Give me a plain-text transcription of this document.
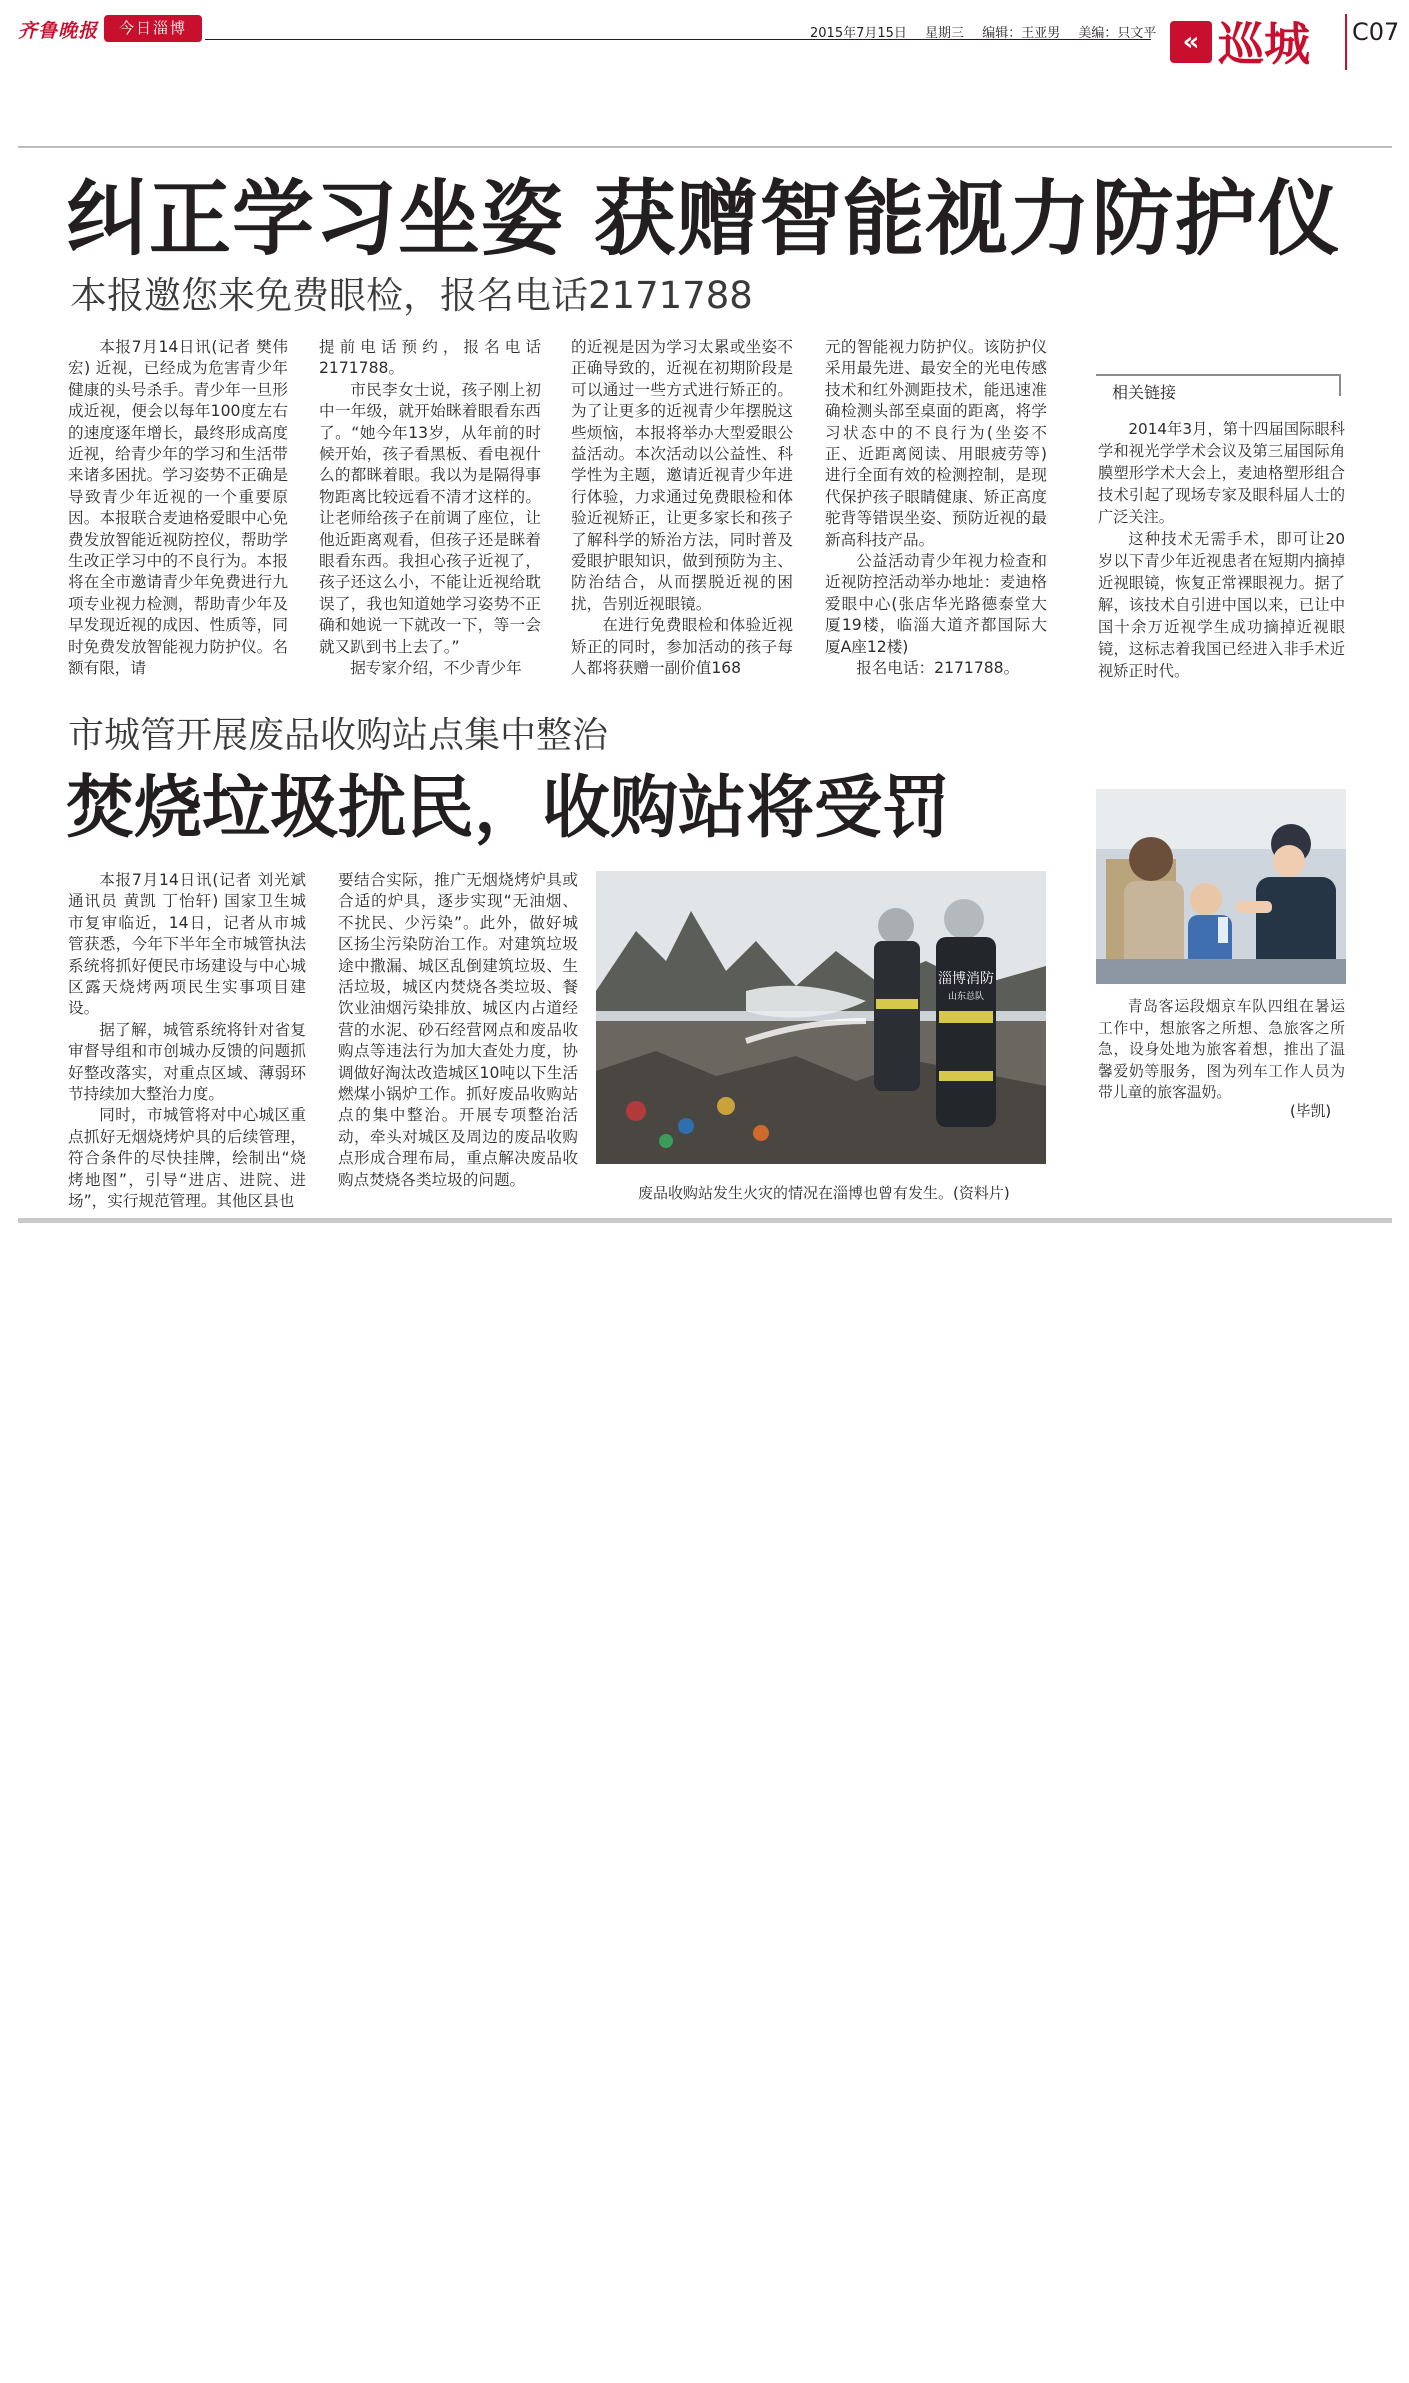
齐鲁晚报	今日淄博	2015年7月15日 星期三 编辑：王亚男 美编：只文平	« 巡城 C07
纠正学习坐姿 获赠智能视力防护仪
本报邀您来免费眼检，报名电话2171788

本报7月14日讯(记者 樊伟宏) 近视，已经成为危害青少年健康的头号杀手。青少年一旦形成近视，便会以每年100度左右的速度逐年增长，最终形成高度近视，给青少年的学习和生活带来诸多困扰。学习姿势不正确是导致青少年近视的一个重要原因。本报联合麦迪格爱眼中心免费发放智能近视防控仪，帮助学生改正学习中的不良行为。本报将在全市邀请青少年免费进行九项专业视力检测，帮助青少年及早发现近视的成因、性质等，同时免费发放智能视力防护仪。名额有限，请

提前电话预约，报名电话2171788。

市民李女士说，孩子刚上初中一年级，就开始眯着眼看东西了。“她今年13岁，从年前的时候开始，孩子看黑板、看电视什么的都眯着眼。我以为是隔得事物距离比较远看不清才这样的。让老师给孩子在前调了座位，让他近距离观看，但孩子还是眯着眼看东西。我担心孩子近视了，孩子还这么小，不能让近视给耽误了，我也知道她学习姿势不正确和她说一下就改一下，等一会就又趴到书上去了。”

据专家介绍，不少青少年

的近视是因为学习太累或坐姿不正确导致的，近视在初期阶段是可以通过一些方式进行矫正的。为了让更多的近视青少年摆脱这些烦恼，本报将举办大型爱眼公益活动。本次活动以公益性、科学性为主题，邀请近视青少年进行体验，力求通过免费眼检和体验近视矫正，让更多家长和孩子了解科学的矫治方法，同时普及爱眼护眼知识，做到预防为主、防治结合，从而摆脱近视的困扰，告别近视眼镜。

在进行免费眼检和体验近视矫正的同时，参加活动的孩子每人都将获赠一副价值168

元的智能视力防护仪。该防护仪采用最先进、最安全的光电传感技术和红外测距技术，能迅速准确检测头部至桌面的距离，将学习状态中的不良行为(坐姿不正、近距离阅读、用眼疲劳等)进行全面有效的检测控制，是现代保护孩子眼睛健康、矫正高度驼背等错误坐姿、预防近视的最新高科技产品。

公益活动青少年视力检查和近视防控活动举办地址：麦迪格爱眼中心(张店华光路德泰堂大厦19楼，临淄大道齐都国际大厦A座12楼)

报名电话：2171788。

相关链接

2014年3月，第十四届国际眼科学和视光学学术会议及第三届国际角膜塑形学术大会上，麦迪格塑形组合技术引起了现场专家及眼科届人士的广泛关注。

这种技术无需手术，即可让20岁以下青少年近视患者在短期内摘掉近视眼镜，恢复正常裸眼视力。据了解，该技术自引进中国以来，已让中国十余万近视学生成功摘掉近视眼镜，这标志着我国已经进入非手术近视矫正时代。

青岛客运段烟京车队四组在暑运工作中，想旅客之所想、急旅客之所急，设身处地为旅客着想，推出了温馨爱奶等服务，图为列车工作人员为带儿童的旅客温奶。

(毕凯)
市城管开展废品收购站点集中整治
焚烧垃圾扰民，收购站将受罚

本报7月14日讯(记者 刘光斌 通讯员 黄凯 丁怡轩) 国家卫生城市复审临近，14日，记者从市城管获悉，今年下半年全市城管执法系统将抓好便民市场建设与中心城区露天烧烤两项民生实事项目建设。

据了解，城管系统将针对省复审督导组和市创城办反馈的问题抓好整改落实，对重点区域、薄弱环节持续加大整治力度。

同时，市城管将对中心城区重点抓好无烟烧烤炉具的后续管理，符合条件的尽快挂牌，绘制出“烧烤地图”，引导“进店、进院、进场”，实行规范管理。其他区县也

要结合实际，推广无烟烧烤炉具或合适的炉具，逐步实现“无油烟、不扰民、少污染”。此外，做好城区扬尘污染防治工作。对建筑垃圾途中撒漏、城区乱倒建筑垃圾、生活垃圾，城区内焚烧各类垃圾、餐饮业油烟污染排放、城区内占道经营的水泥、砂石经营网点和废品收购点等违法行为加大查处力度，协调做好淘汰改造城区10吨以下生活燃煤小锅炉工作。抓好废品收购站点的集中整治。开展专项整治活动，牵头对城区及周边的废品收购点形成合理布局，重点解决废品收购点焚烧各类垃圾的问题。

淄博消防
山东总队
废品收购站发生火灾的情况在淄博也曾有发生。(资料片)
